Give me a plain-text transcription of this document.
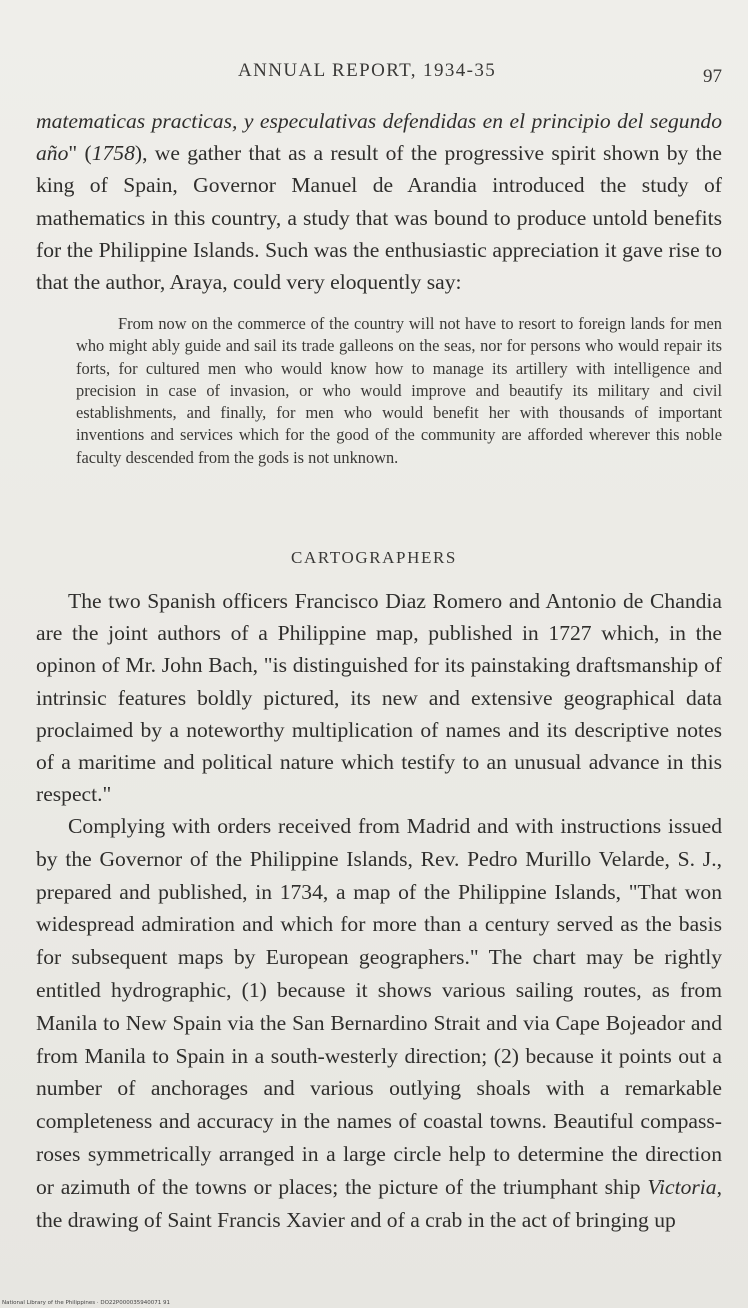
ANNUAL REPORT, 1934-35	97

matematicas practicas, y especulativas defendidas en el principio del segundo año" (1758), we gather that as a result of the progressive spirit shown by the king of Spain, Governor Manuel de Arandia introduced the study of mathematics in this country, a study that was bound to produce untold benefits for the Philippine Islands. Such was the enthusiastic appreciation it gave rise to that the author, Araya, could very eloquently say:

From now on the commerce of the country will not have to resort to foreign lands for men who might ably guide and sail its trade galleons on the seas, nor for persons who would repair its forts, for cultured men who would know how to manage its artillery with intelligence and precision in case of invasion, or who would improve and beautify its military and civil establishments, and finally, for men who would benefit her with thousands of important inventions and services which for the good of the community are afforded wherever this noble faculty descended from the gods is not unknown.

CARTOGRAPHERS

The two Spanish officers Francisco Diaz Romero and Antonio de Chandia are the joint authors of a Philippine map, published in 1727 which, in the opinon of Mr. John Bach, "is distinguished for its painstaking draftsmanship of intrinsic features boldly pictured, its new and extensive geographical data proclaimed by a noteworthy multiplication of names and its descriptive notes of a maritime and political nature which testify to an unusual advance in this respect."

Complying with orders received from Madrid and with instructions issued by the Governor of the Philippine Islands, Rev. Pedro Murillo Velarde, S. J., prepared and published, in 1734, a map of the Philippine Islands, "That won widespread admiration and which for more than a century served as the basis for subsequent maps by European geographers." The chart may be rightly entitled hydrographic, (1) because it shows various sailing routes, as from Manila to New Spain via the San Bernardino Strait and via Cape Bojeador and from Manila to Spain in a south-westerly direction; (2) because it points out a number of anchorages and various outlying shoals with a remarkable completeness and accuracy in the names of coastal towns. Beautiful compass-roses symmetrically arranged in a large circle help to determine the direction or azimuth of the towns or places; the picture of the triumphant ship Victoria, the drawing of Saint Francis Xavier and of a crab in the act of bringing up

National Library of the Philippines · DO22P000035940071 91
